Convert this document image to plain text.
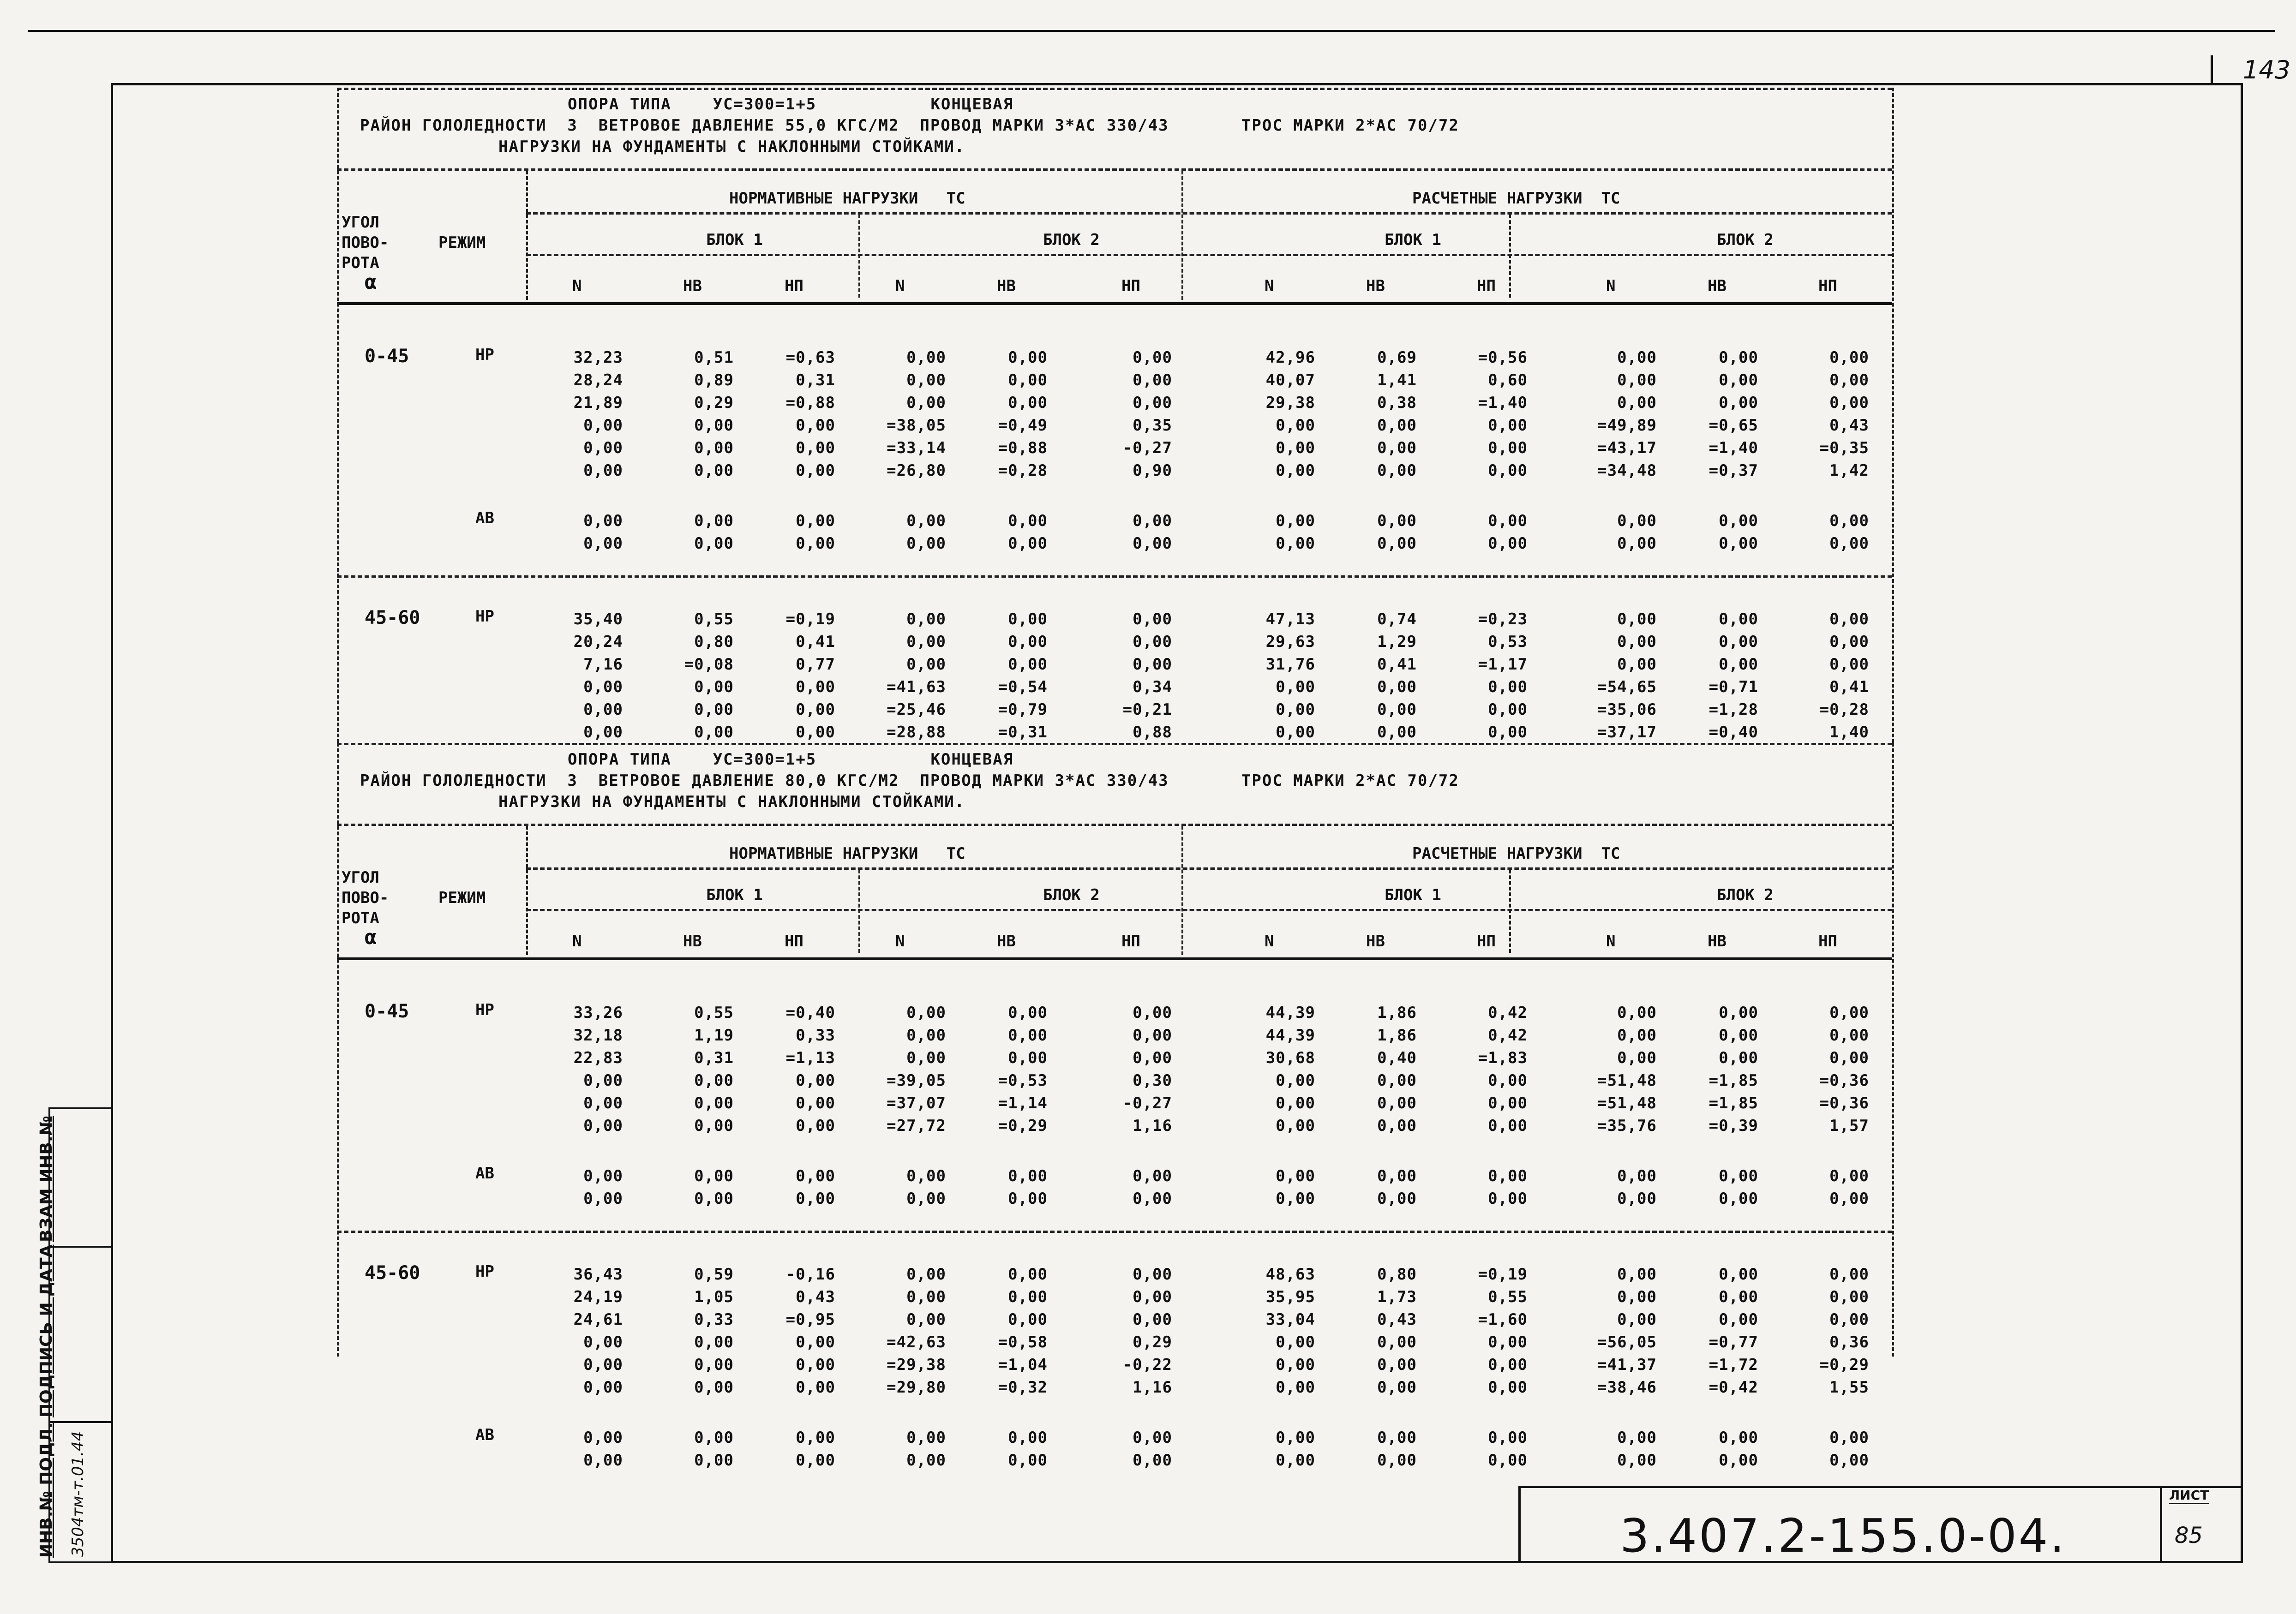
143
ВЗАМ ИНВ.№
ПОДПИСЬ И ДАТА
ИНВ.№ ПОДЛ. 3504тм-т.01.44	3.407.2-155.0-04.
ЛИСТ
85
ОПОРА ТИПА    УС=300=1+5           КОНЦЕВАЯ
РАЙОН ГОЛОЛЕДНОСТИ  3  ВЕТРОВОЕ ДАВЛЕНИЕ 55,0 КГС/М2  ПРОВОД МАРКИ 3*АС 330/43       ТРОС МАРКИ 2*АС 70/72
НАГРУЗКИ НА ФУНДАМЕНТЫ С НАКЛОННЫМИ СТОЙКАМИ.
НОРМАТИВНЫЕ НАГРУЗКИ   ТС	РАСЧЕТНЫЕ НАГРУЗКИ  ТС
БЛОК 1	БЛОК 2	БЛОК 1	БЛОК 2
УГОЛ
ПОВО-
РОТА
α
РЕЖИМ
N	HB	HП	N	HB	HП	N	HB	HП	N	HB	HП
0-45	HP	32,23	0,51	=0,63	0,00	0,00	0,00	42,96	0,69	=0,56	0,00	0,00	0,00
28,24	0,89	0,31	0,00	0,00	0,00	40,07	1,41	0,60	0,00	0,00	0,00
21,89	0,29	=0,88	0,00	0,00	0,00	29,38	0,38	=1,40	0,00	0,00	0,00
0,00	0,00	0,00	=38,05	=0,49	0,35	0,00	0,00	0,00	=49,89	=0,65	0,43
0,00	0,00	0,00	=33,14	=0,88	-0,27	0,00	0,00	0,00	=43,17	=1,40	=0,35
0,00	0,00	0,00	=26,80	=0,28	0,90	0,00	0,00	0,00	=34,48	=0,37	1,42
AB	0,00	0,00	0,00	0,00	0,00	0,00	0,00	0,00	0,00	0,00	0,00	0,00
0,00	0,00	0,00	0,00	0,00	0,00	0,00	0,00	0,00	0,00	0,00	0,00
45-60	HP	35,40	0,55	=0,19	0,00	0,00	0,00	47,13	0,74	=0,23	0,00	0,00	0,00
20,24	0,80	0,41	0,00	0,00	0,00	29,63	1,29	0,53	0,00	0,00	0,00
7,16	=0,08	0,77	0,00	0,00	0,00	31,76	0,41	=1,17	0,00	0,00	0,00
0,00	0,00	0,00	=41,63	=0,54	0,34	0,00	0,00	0,00	=54,65	=0,71	0,41
0,00	0,00	0,00	=25,46	=0,79	=0,21	0,00	0,00	0,00	=35,06	=1,28	=0,28
0,00	0,00	0,00	=28,88	=0,31	0,88	0,00	0,00	0,00	=37,17	=0,40	1,40
ОПОРА ТИПА    УС=300=1+5           КОНЦЕВАЯ
РАЙОН ГОЛОЛЕДНОСТИ  3  ВЕТРОВОЕ ДАВЛЕНИЕ 80,0 КГС/М2  ПРОВОД МАРКИ 3*АС 330/43       ТРОС МАРКИ 2*АС 70/72
НАГРУЗКИ НА ФУНДАМЕНТЫ С НАКЛОННЫМИ СТОЙКАМИ.
НОРМАТИВНЫЕ НАГРУЗКИ   ТС	РАСЧЕТНЫЕ НАГРУЗКИ  ТС
БЛОК 1	БЛОК 2	БЛОК 1	БЛОК 2
УГОЛ
ПОВО-
РОТА
α
РЕЖИМ
N	HB	HП	N	HB	HП	N	HB	HП	N	HB	HП
0-45	HP	33,26	0,55	=0,40	0,00	0,00	0,00	44,39	1,86	0,42	0,00	0,00	0,00
32,18	1,19	0,33	0,00	0,00	0,00	44,39	1,86	0,42	0,00	0,00	0,00
22,83	0,31	=1,13	0,00	0,00	0,00	30,68	0,40	=1,83	0,00	0,00	0,00
0,00	0,00	0,00	=39,05	=0,53	0,30	0,00	0,00	0,00	=51,48	=1,85	=0,36
0,00	0,00	0,00	=37,07	=1,14	-0,27	0,00	0,00	0,00	=51,48	=1,85	=0,36
0,00	0,00	0,00	=27,72	=0,29	1,16	0,00	0,00	0,00	=35,76	=0,39	1,57
AB	0,00	0,00	0,00	0,00	0,00	0,00	0,00	0,00	0,00	0,00	0,00	0,00
0,00	0,00	0,00	0,00	0,00	0,00	0,00	0,00	0,00	0,00	0,00	0,00
45-60	HP	36,43	0,59	-0,16	0,00	0,00	0,00	48,63	0,80	=0,19	0,00	0,00	0,00
24,19	1,05	0,43	0,00	0,00	0,00	35,95	1,73	0,55	0,00	0,00	0,00
24,61	0,33	=0,95	0,00	0,00	0,00	33,04	0,43	=1,60	0,00	0,00	0,00
0,00	0,00	0,00	=42,63	=0,58	0,29	0,00	0,00	0,00	=56,05	=0,77	0,36
0,00	0,00	0,00	=29,38	=1,04	-0,22	0,00	0,00	0,00	=41,37	=1,72	=0,29
0,00	0,00	0,00	=29,80	=0,32	1,16	0,00	0,00	0,00	=38,46	=0,42	1,55
AB	0,00	0,00	0,00	0,00	0,00	0,00	0,00	0,00	0,00	0,00	0,00	0,00
0,00	0,00	0,00	0,00	0,00	0,00	0,00	0,00	0,00	0,00	0,00	0,00
